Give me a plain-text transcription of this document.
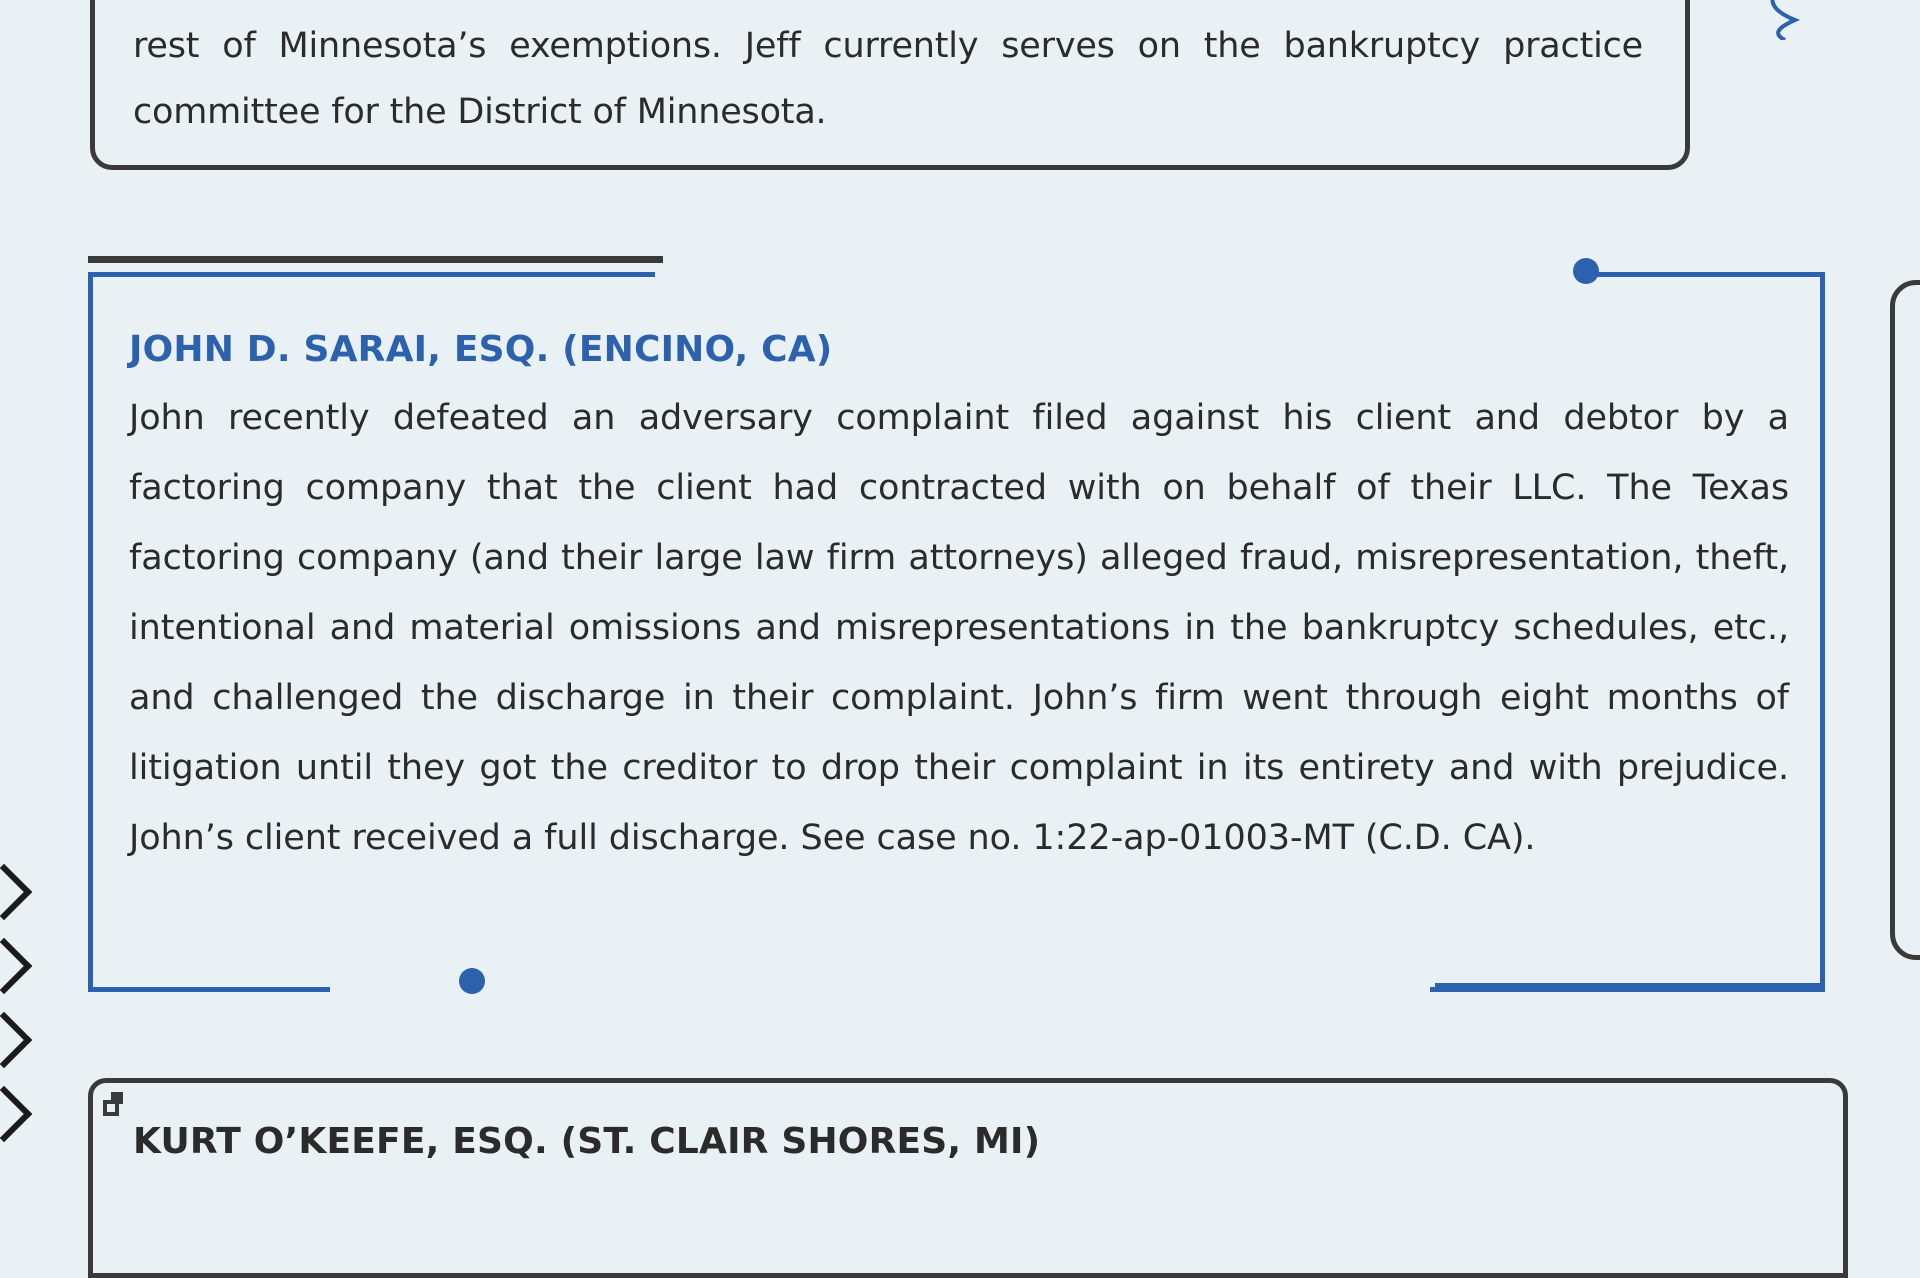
rest of Minnesota’s exemptions. Jeff currently serves on the bankruptcy practice committee for the District of Minnesota.

JOHN D. SARAI, ESQ. (ENCINO, CA)

John recently defeated an adversary complaint filed against his client and debtor by a factoring company that the client had contracted with on behalf of their LLC. The Texas factoring company (and their large law firm attorneys) alleged fraud, misrepresentation, theft, intentional and material omissions and misrepresentations in the bankruptcy schedules, etc., and challenged the discharge in their complaint. John’s firm went through eight months of litigation until they got the creditor to drop their complaint in its entirety and with prejudice. John’s client received a full discharge. See case no. 1:22-ap-01003-MT (C.D. CA).

KURT O’KEEFE, ESQ. (ST. CLAIR SHORES, MI)
